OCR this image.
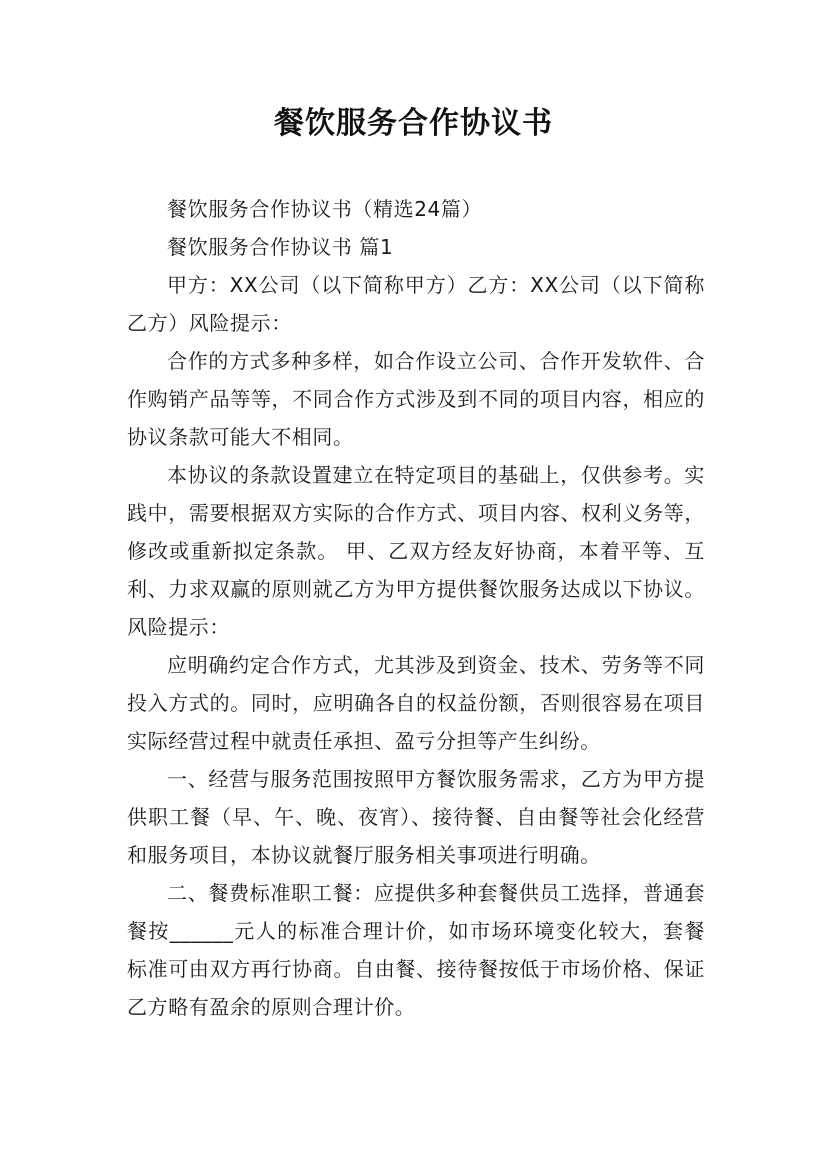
餐饮服务合作协议书

餐饮服务合作协议书（精选24篇）

餐饮服务合作协议书 篇1

甲方：XX公司（以下简称甲方）乙方：XX公司（以下简称乙方）风险提示：

合作的方式多种多样，如合作设立公司、合作开发软件、合作购销产品等等，不同合作方式涉及到不同的项目内容，相应的协议条款可能大不相同。

本协议的条款设置建立在特定项目的基础上，仅供参考。实践中，需要根据双方实际的合作方式、项目内容、权利义务等，修改或重新拟定条款。 甲、乙双方经友好协商，本着平等、互利、力求双赢的原则就乙方为甲方提供餐饮服务达成以下协议。风险提示：

应明确约定合作方式，尤其涉及到资金、技术、劳务等不同投入方式的。同时，应明确各自的权益份额，否则很容易在项目实际经营过程中就责任承担、盈亏分担等产生纠纷。

一、经营与服务范围按照甲方餐饮服务需求，乙方为甲方提供职工餐（早、午、晚、夜宵）、接待餐、自由餐等社会化经营和服务项目，本协议就餐厅服务相关事项进行明确。

二、餐费标准职工餐：应提供多种套餐供员工选择，普通套餐按______元人的标准合理计价，如市场环境变化较大，套餐标准可由双方再行协商。自由餐、接待餐按低于市场价格、保证乙方略有盈余的原则合理计价。
